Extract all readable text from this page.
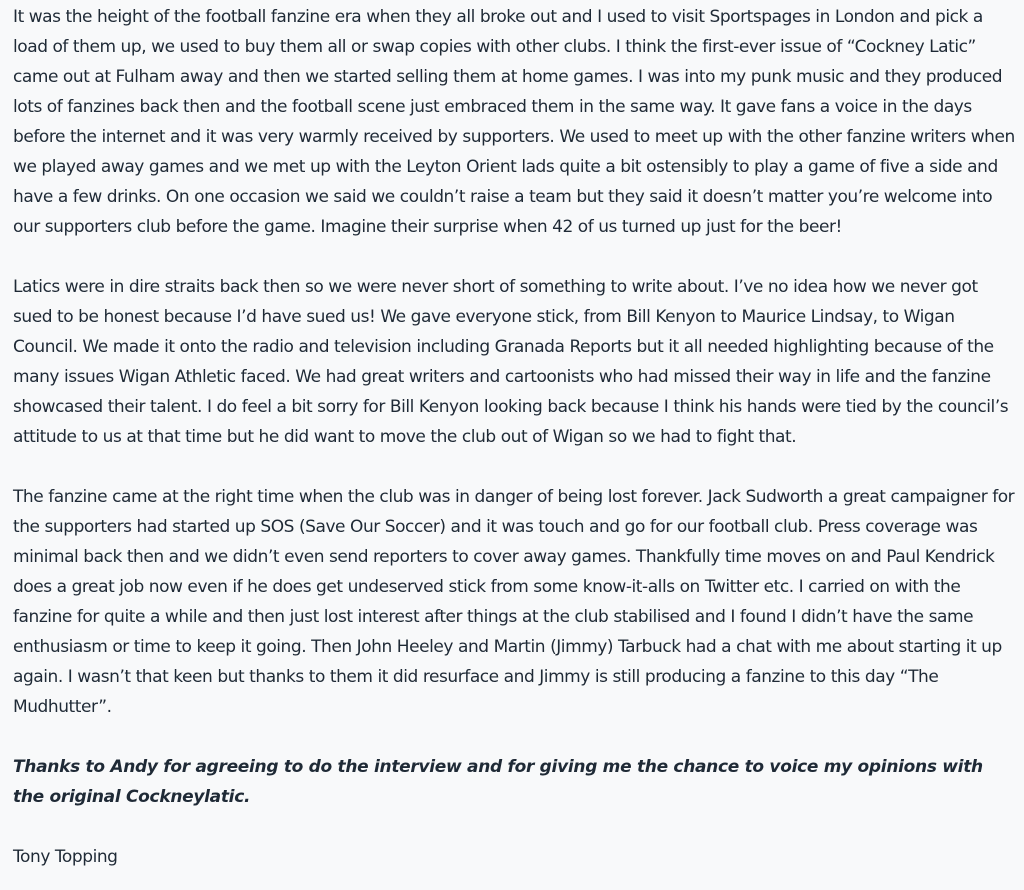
It was the height of the football fanzine era when they all broke out and I used to visit Sportspages in London and pick a load of them up, we used to buy them all or swap copies with other clubs. I think the first-ever issue of “Cockney Latic” came out at Fulham away and then we started selling them at home games. I was into my punk music and they produced lots of fanzines back then and the football scene just embraced them in the same way. It gave fans a voice in the days before the internet and it was very warmly received by supporters. We used to meet up with the other fanzine writers when we played away games and we met up with the Leyton Orient lads quite a bit ostensibly to play a game of five a side and have a few drinks. On one occasion we said we couldn’t raise a team but they said it doesn’t matter you’re welcome into our supporters club before the game. Imagine their surprise when 42 of us turned up just for the beer!

Latics were in dire straits back then so we were never short of something to write about. I’ve no idea how we never got sued to be honest because I’d have sued us! We gave everyone stick, from Bill Kenyon to Maurice Lindsay, to Wigan Council. We made it onto the radio and television including Granada Reports but it all needed highlighting because of the many issues Wigan Athletic faced. We had great writers and cartoonists who had missed their way in life and the fanzine showcased their talent. I do feel a bit sorry for Bill Kenyon looking back because I think his hands were tied by the council’s attitude to us at that time but he did want to move the club out of Wigan so we had to fight that.

The fanzine came at the right time when the club was in danger of being lost forever. Jack Sudworth a great campaigner for the supporters had started up SOS (Save Our Soccer) and it was touch and go for our football club. Press coverage was minimal back then and we didn’t even send reporters to cover away games. Thankfully time moves on and Paul Kendrick does a great job now even if he does get undeserved stick from some know-it-alls on Twitter etc. I carried on with the fanzine for quite a while and then just lost interest after things at the club stabilised and I found I didn’t have the same enthusiasm or time to keep it going. Then John Heeley and Martin (Jimmy) Tarbuck had a chat with me about starting it up again. I wasn’t that keen but thanks to them it did resurface and Jimmy is still producing a fanzine to this day “The Mudhutter”.

Thanks to Andy for agreeing to do the interview and for giving me the chance to voice my opinions with the original Cockneylatic.

Tony Topping
